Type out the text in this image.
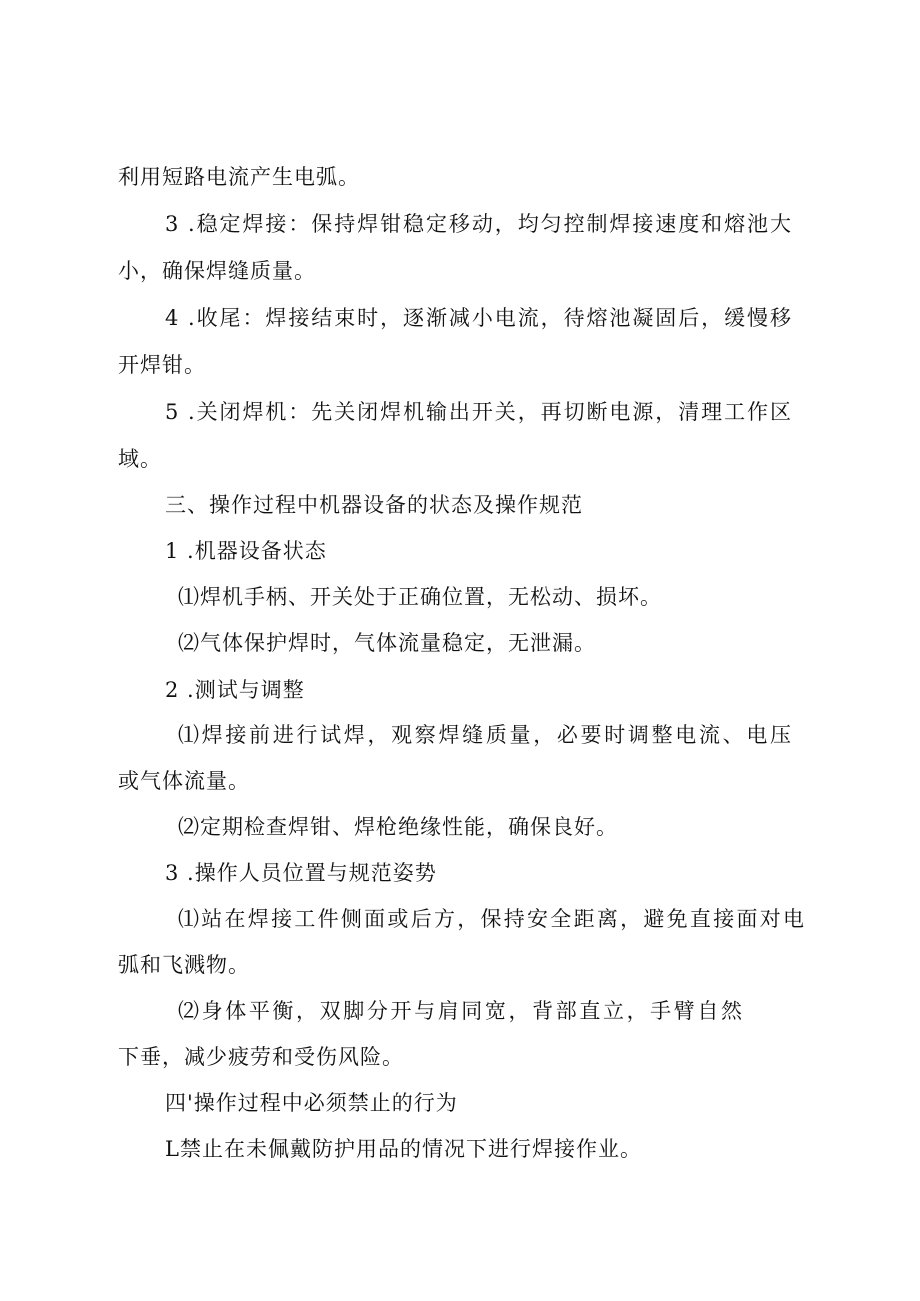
利用短路电流产生电弧。
3 .稳定焊接：保持焊钳稳定移动，均匀控制焊接速度和熔池大
小，确保焊缝质量。
4 .收尾：焊接结束时，逐渐减小电流，待熔池凝固后，缓慢移
开焊钳。
5 .关闭焊机：先关闭焊机输出开关，再切断电源，清理工作区
域。
三、操作过程中机器设备的状态及操作规范
1 .机器设备状态
⑴焊机手柄、开关处于正确位置，无松动、损坏。
⑵气体保护焊时，气体流量稳定，无泄漏。
2 .测试与调整
⑴焊接前进行试焊，观察焊缝质量，必要时调整电流、电压
或气体流量。
⑵定期检查焊钳、焊枪绝缘性能，确保良好。
3 .操作人员位置与规范姿势
⑴站在焊接工件侧面或后方，保持安全距离，避免直接面对电
弧和飞溅物。
⑵身体平衡，双脚分开与肩同宽，背部直立，手臂自然
下垂，减少疲劳和受伤风险。
四'操作过程中必须禁止的行为
L禁止在未佩戴防护用品的情况下进行焊接作业。
